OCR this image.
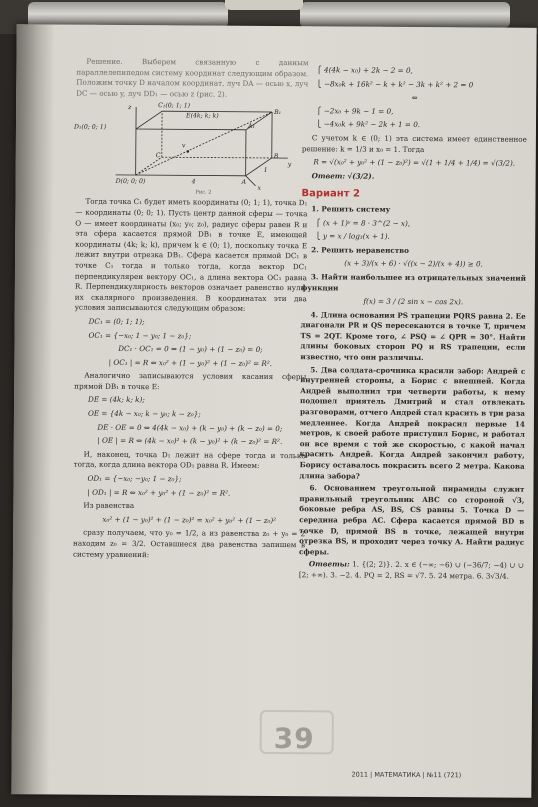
Решение. Выберем связанную с данным параллелепипедом систему координат следующим образом. Положим точку D началом координат, луч DA — осью x, луч DC — осью y, луч DD₁ — осью z (рис. 2).

C₁(0; 1; 1)
E(4k; k; k)	B₁
D₁(0; 0; 1)	A₁
C	B
D(0; 0; 0)	4	A
x
y
z
1
v
Рис. 2

Тогда точка C₁ будет иметь координаты (0; 1; 1), точка D₁ — координаты (0; 0; 1). Пусть центр данной сферы — точка O — имеет координаты (x₀; y₀; z₀), радиус сферы равен R и эта сфера касается прямой DB₁ в точке E, имеющей координаты (4k; k; k), причем k ∈ (0; 1), поскольку точка E лежит внутри отрезка DB₁. Сфера касается прямой DC₁ в точке C₁ тогда и только тогда, когда вектор DC₁ перпендикулярен вектору OC₁, а длина вектора OC₁ равна R. Перпендикулярность векторов означает равенство нулю их скалярного произведения. В координатах эти два условия записываются следующим образом:

DC₁ = (0; 1; 1);
OC₁ = {−x₀; 1 − y₀; 1 − z₀};
DC₁ · OC₁ = 0 ⇔ (1 − y₀) + (1 − z₀) = 0;
| OC₁ | = R ⇔ x₀² + (1 − y₀)² + (1 − z₀)² = R².

Аналогично записываются условия касания сферы прямой DB₁ в точке E:

DE = (4k; k; k);
OE = {4k − x₀; k − y₀; k − z₀};
DE · OE = 0 ⇔ 4(4k − x₀) + (k − y₀) + (k − z₀) = 0;
| OE | = R ⇔ (4k − x₀)² + (k − y₀)² + (k − z₀)² = R².

И, наконец, точка D₁ лежит на сфере тогда и только тогда, когда длина вектора OD₁ равна R. Имеем:

OD₁ = {−x₀; −y₀; 1 − z₀};
| OD₁ | = R ⇔ x₀² + y₀² + (1 − z₀)² = R².

Из равенства

x₀² + (1 − y₀)² + (1 − z₀)² = x₀² + y₀² + (1 − z₀)²

сразу получаем, что y₀ = 1/2, а из равенства z₀ + y₀ = 2 находим z₀ = 3/2. Оставшиеся два равенства запишем в систему уравнений:

⎧ 4(4k − x₀) + 2k − 2 = 0,
⎩ −8x₀k + 16k² − k + k² − 3k + k² + 2 = 0
⇔
⎧ −2x₀ + 9k − 1 = 0,
⎩ −4x₀k + 9k² − 2k + 1 = 0.

С учетом k ∈ (0; 1) эта система имеет единственное решение: k = 1/3 и x₀ = 1. Тогда

R = √(x₀² + y₀² + (1 − z₀)²) = √(1 + 1/4 + 1/4) = √(3/2).

Ответ: √(3/2).

Вариант 2

1. Решить систему

⎧ (x + 1)ʸ = 8 · 3^(2 − x),
⎩ y = x / log₃(x + 1).

2. Решить неравенство

(x + 3)/(x + 6) · √((x − 2)/(x + 4)) ≥ 0.

3. Найти наибольшее из отрицательных значений функции

f(x) = 3 / (2 sin x − cos 2x).

4. Длина основания PS трапеции PQRS равна 2. Ее диагонали PR и QS пересекаются в точке T, причем TS = 2QT. Кроме того, ∠ PSQ = ∠ QPR = 30°. Найти длины боковых сторон PQ и RS трапеции, если известно, что они различны.

5. Два солдата-срочника красили забор: Андрей с внутренней стороны, а Борис с внешней. Когда Андрей выполнил три четверти работы, к нему подошел приятель Дмитрий и стал отвлекать разговорами, отчего Андрей стал красить в три раза медленнее. Когда Андрей покрасил первые 14 метров, к своей работе приступил Борис, и работал он все время с той же скоростью, с какой начал красить Андрей. Когда Андрей закончил работу, Борису оставалось покрасить всего 2 метра. Какова длина забора?

6. Основанием треугольной пирамиды служит правильный треугольник ABC со стороной √3, боковые ребра AS, BS, CS равны 5. Точка D — середина ребра AC. Сфера касается прямой BD в точке D, прямой BS в точке, лежащей внутри отрезка BS, и проходит через точку A. Найти радиус сферы.

Ответы: 1. {(2; 2)}. 2. x ∈ (−∞; −6) ∪ (−36/7; −4) ∪ ∪ [2; +∞). 3. −2. 4. PQ = 2, RS = √7. 5. 24 метра. 6. 3√3/4.

39
2011 | МАТЕМАТИКА | №11 (721)
